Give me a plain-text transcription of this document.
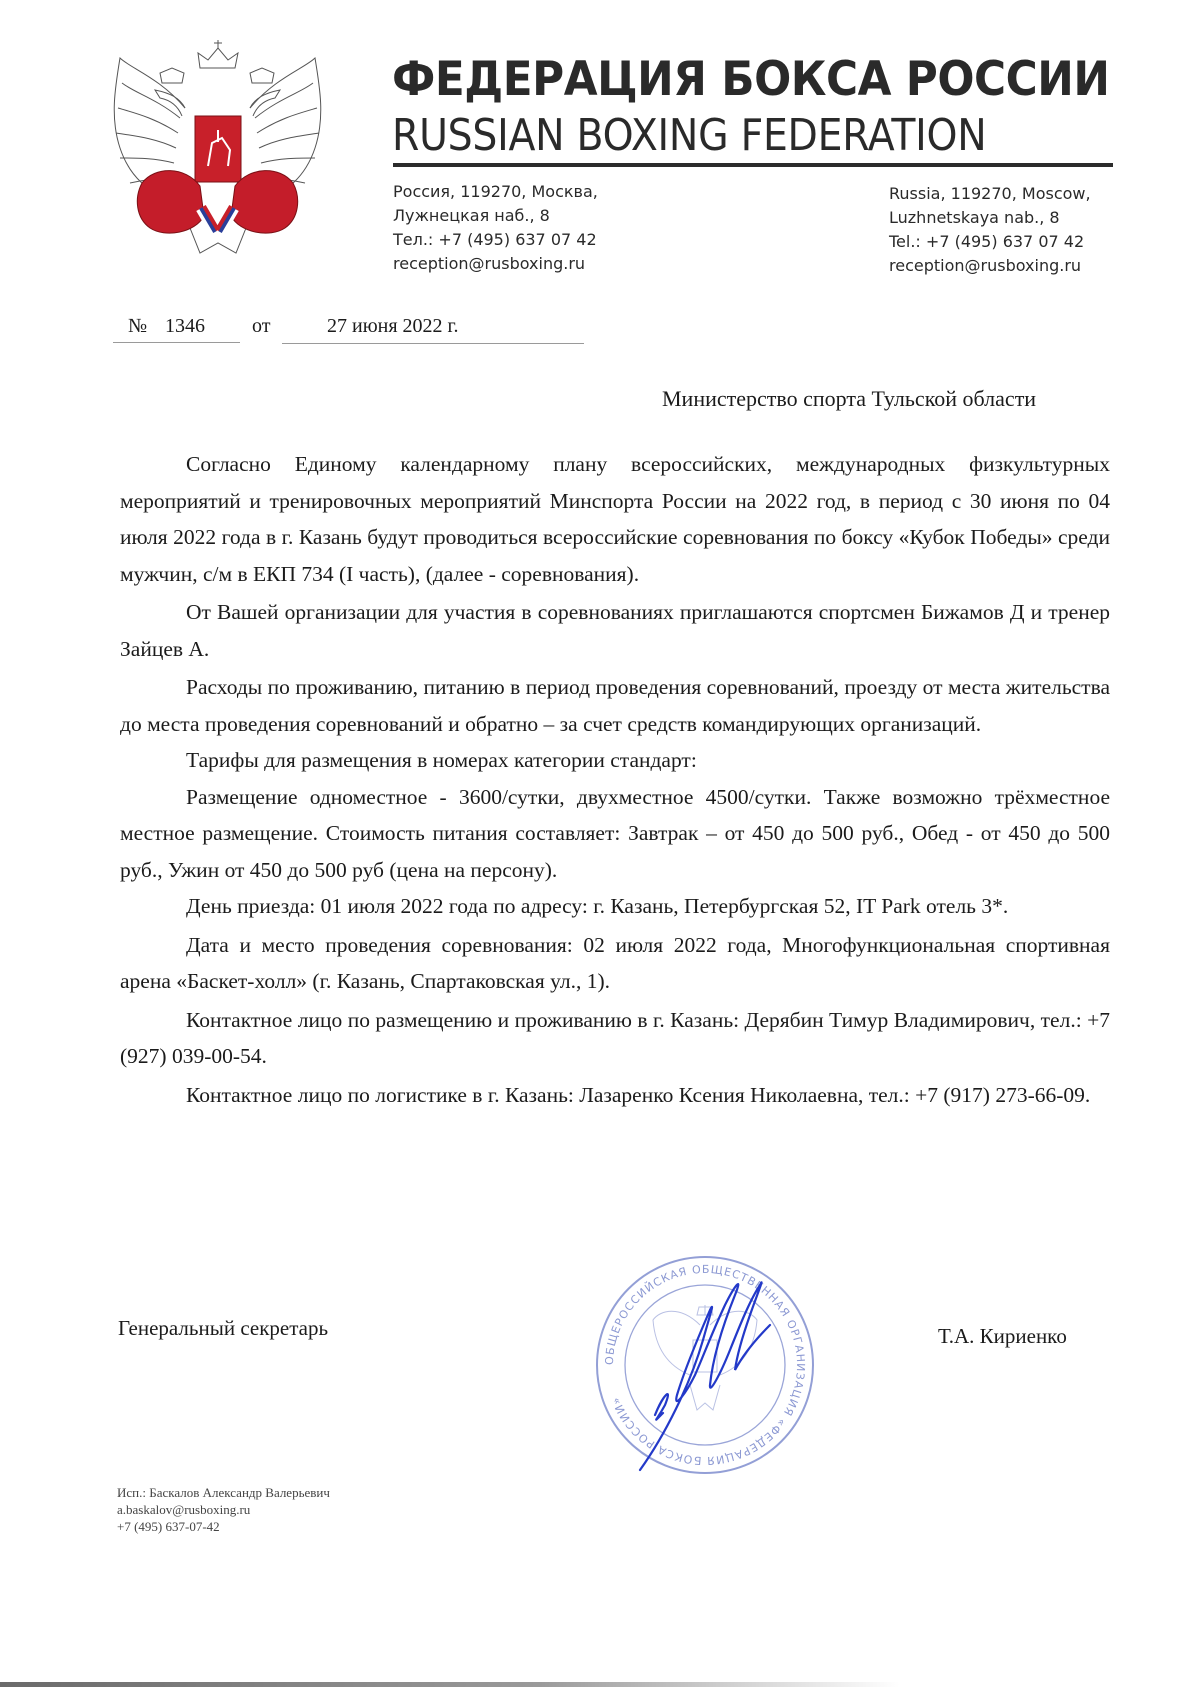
ФЕДЕРАЦИЯ БОКСА РОССИИ
RUSSIAN BOXING FEDERATION
Россия, 119270, Москва,
Лужнецкая наб., 8
Тел.: +7 (495) 637 07 42
reception@rusboxing.ru
Russia, 119270, Moscow,
Luzhnetskaya nab., 8
Tel.: +7 (495) 637 07 42
reception@rusboxing.ru
№ 1346 от	27 июня 2022 г.
Министерство спорта Тульской области

Согласно Единому календарному плану всероссийских, международных физкультурных мероприятий и тренировочных мероприятий Минспорта России на 2022 год, в период с 30 июня по 04 июля 2022 года в г. Казань будут проводиться всероссийские соревнования по боксу «Кубок Победы» среди мужчин, с/м в ЕКП 734 (I часть), (далее - соревнования).

От Вашей организации для участия в соревнованиях приглашаются спортсмен Бижамов Д и тренер Зайцев А.

Расходы по проживанию, питанию в период проведения соревнований, проезду от места жительства до места проведения соревнований и обратно – за счет средств командирующих организаций.

Тарифы для размещения в номерах категории стандарт:

Размещение одноместное - 3600/сутки, двухместное 4500/сутки. Также возможно трёхместное местное размещение. Стоимость питания составляет: Завтрак – от 450 до 500 руб., Обед - от 450 до 500 руб., Ужин от 450 до 500 руб (цена на персону).

День приезда: 01 июля 2022 года по адресу: г. Казань, Петербургская 52, IT Park отель 3*.

Дата и место проведения соревнования: 02 июля 2022 года, Многофункциональная спортивная арена «Баскет-холл» (г. Казань, Спартаковская ул., 1).

Контактное лицо по размещению и проживанию в г. Казань: Дерябин Тимур Владимирович, тел.: +7 (927) 039-00-54.

Контактное лицо по логистике в г. Казань: Лазаренко Ксения Николаевна, тел.: +7 (917) 273-66-09.

Генеральный секретарь	Т.А. Кириенко
ОБЩЕРОССИЙСКАЯ ОБЩЕСТВЕННАЯ ОРГАНИЗАЦИЯ «ФЕДЕРАЦИЯ БОКСА РОССИИ»
Исп.: Баскалов Александр Валерьевич
a.baskalov@rusboxing.ru
+7 (495) 637-07-42
